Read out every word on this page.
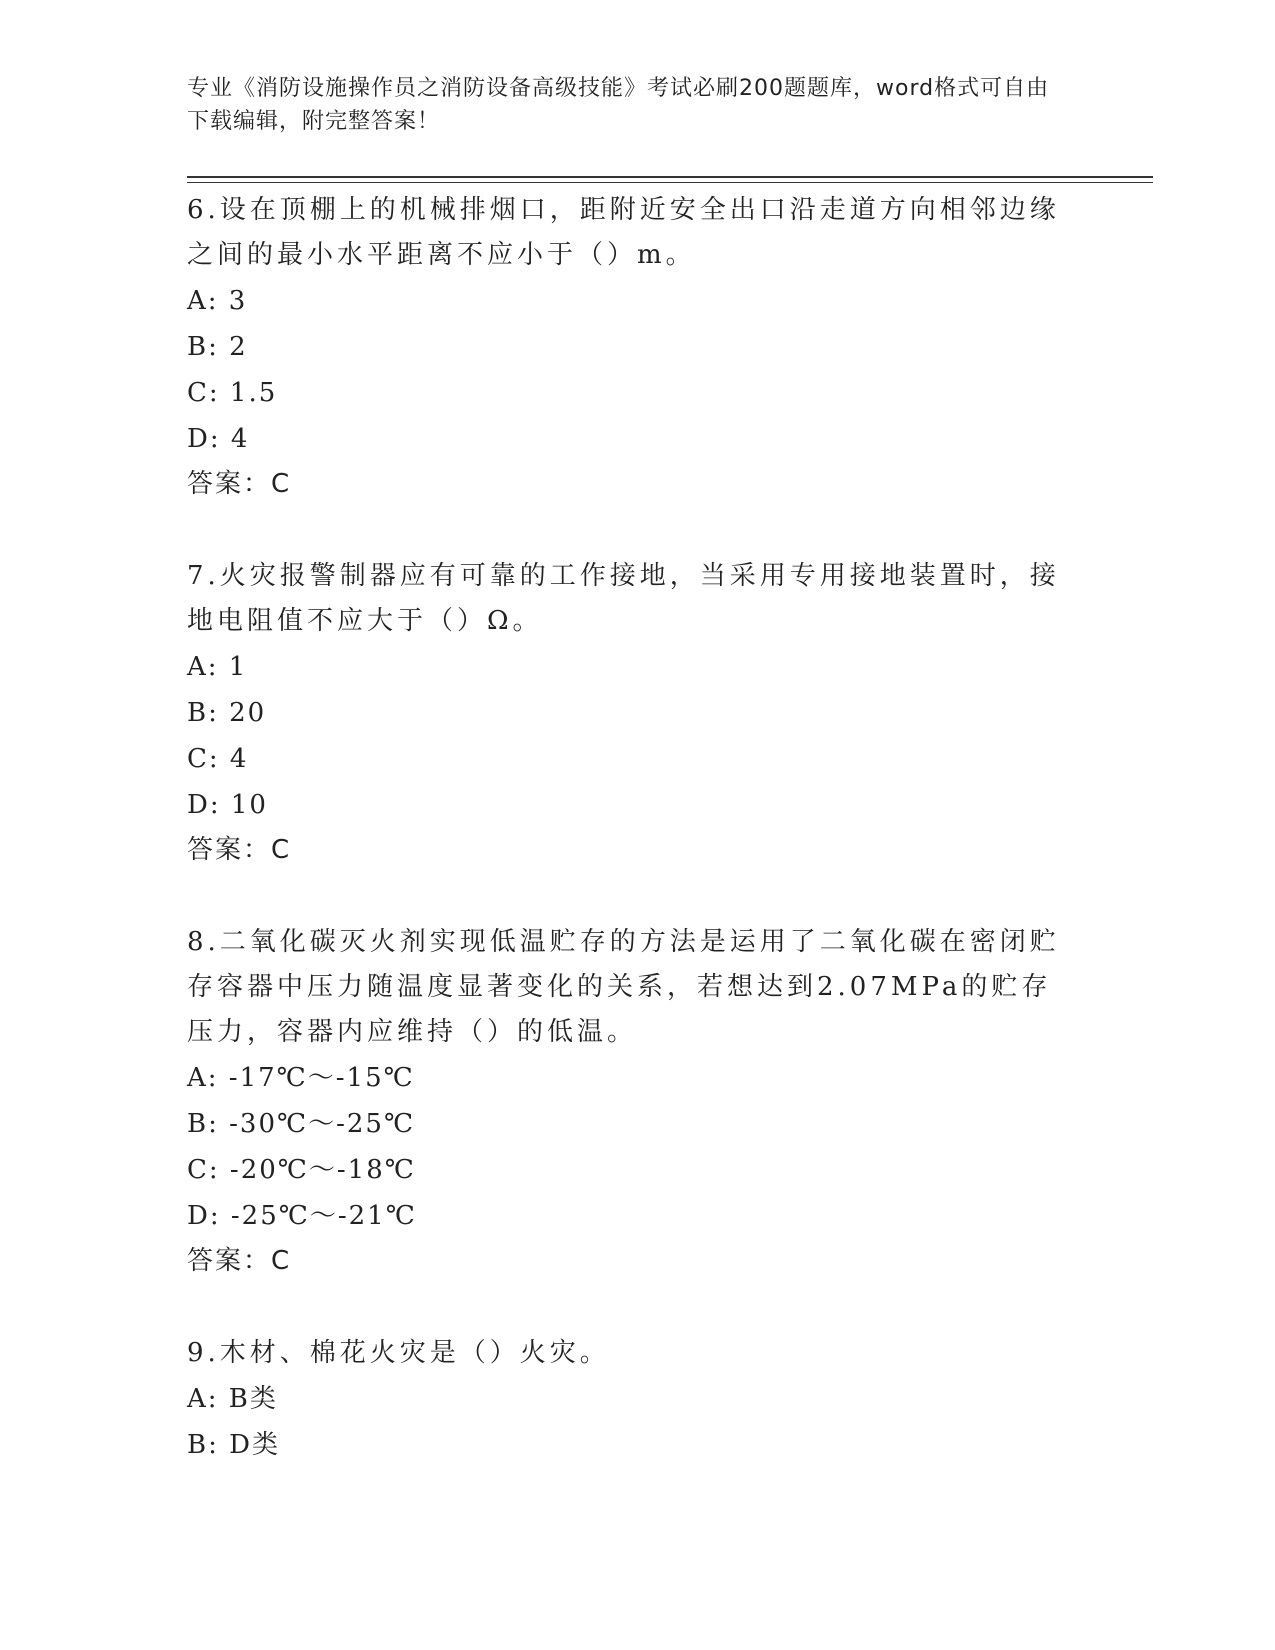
专业《消防设施操作员之消防设备高级技能》考试必刷200题题库，word格式可自由下载编辑，附完整答案！

6.设在顶棚上的机械排烟口，距附近安全出口沿走道方向相邻边缘之间的最小水平距离不应小于（）m。

A: 3

B: 2

C: 1.5

D: 4

答案：C

7.火灾报警制器应有可靠的工作接地，当采用专用接地装置时，接地电阻值不应大于（）Ω。

A: 1

B: 20

C: 4

D: 10

答案：C

8.二氧化碳灭火剂实现低温贮存的方法是运用了二氧化碳在密闭贮存容器中压力随温度显著变化的关系，若想达到2.07MPa的贮存压力，容器内应维持（）的低温。

A: -17℃～-15℃

B: -30℃～-25℃

C: -20℃～-18℃

D: -25℃～-21℃

答案：C

9.木材、棉花火灾是（）火灾。

A: B类

B: D类
